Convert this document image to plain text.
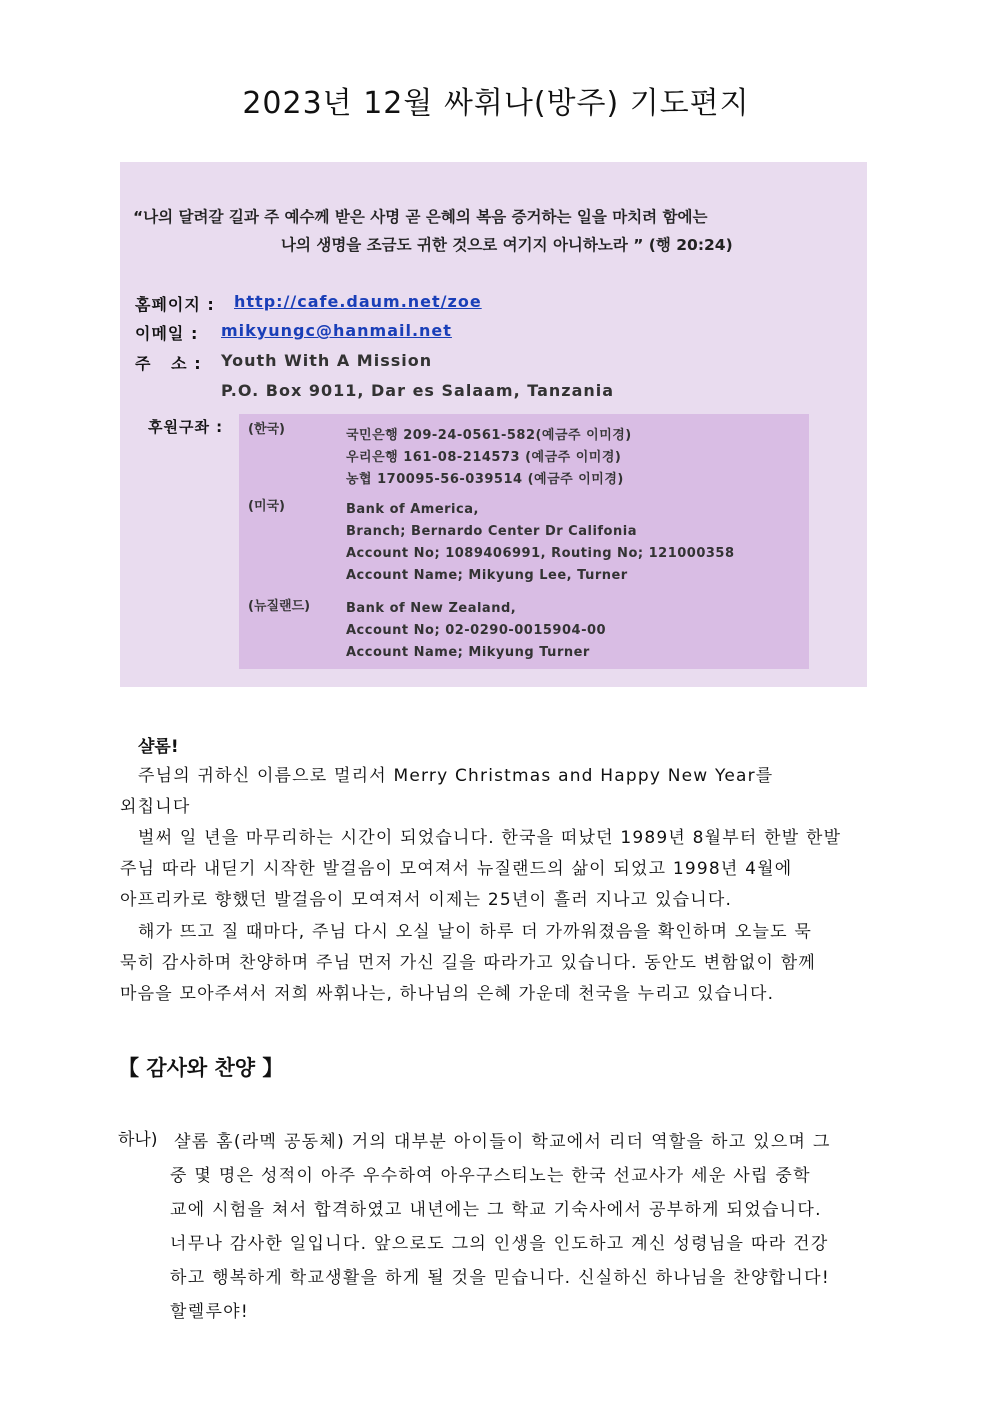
2023년 12월 싸휘나(방주) 기도편지
“나의 달려갈 길과 주 예수께 받은 사명 곧 은혜의 복음 증거하는 일을 마치려 함에는
나의 생명을 조금도 귀한 것으로 여기지 아니하노라 ” (행 20:24)
홈페이지 : http://cafe.daum.net/zoe
이메일 : mikyungc@hanmail.net
주   소 : Youth With A Mission
P.O. Box 9011, Dar es Salaam, Tanzania
후원구좌 : (한국)	국민은행 209-24-0561-582(예금주 이미경)
우리은행 161-08-214573 (예금주 이미경)
농협 170095-56-039514 (예금주 이미경)
(미국)	Bank of America,
Branch; Bernardo Center Dr Califonia
Account No; 1089406991, Routing No; 121000358
Account Name; Mikyung Lee, Turner
(뉴질랜드)	Bank of New Zealand,
Account No; 02-0290-0015904-00
Account Name; Mikyung Turner
샬롬!
주님의 귀하신 이름으로 멀리서 Merry Christmas and Happy New Year를
외칩니다
벌써 일 년을 마무리하는 시간이 되었습니다. 한국을 떠났던 1989년 8월부터 한발 한발
주님 따라 내딛기 시작한 발걸음이 모여져서 뉴질랜드의 삶이 되었고 1998년 4월에
아프리카로 향했던 발걸음이 모여져서 이제는 25년이 흘러 지나고 있습니다.
해가 뜨고 질 때마다, 주님 다시 오실 날이 하루 더 가까워졌음을 확인하며 오늘도 묵
묵히 감사하며 찬양하며 주님 먼저 가신 길을 따라가고 있습니다. 동안도 변함없이 함께
마음을 모아주셔서 저희 싸휘나는, 하나님의 은혜 가운데 천국을 누리고 있습니다.
【 감사와 찬양 】
하나) 샬롬 홈(라멕 공동체) 거의 대부분 아이들이 학교에서 리더 역할을 하고 있으며 그
중 몇 명은 성적이 아주 우수하여 아우구스티노는 한국 선교사가 세운 사립 중학
교에 시험을 쳐서 합격하였고 내년에는 그 학교 기숙사에서 공부하게 되었습니다.
너무나 감사한 일입니다. 앞으로도 그의 인생을 인도하고 계신 성령님을 따라 건강
하고 행복하게 학교생활을 하게 될 것을 믿습니다. 신실하신 하나님을 찬양합니다!
할렐루야!
